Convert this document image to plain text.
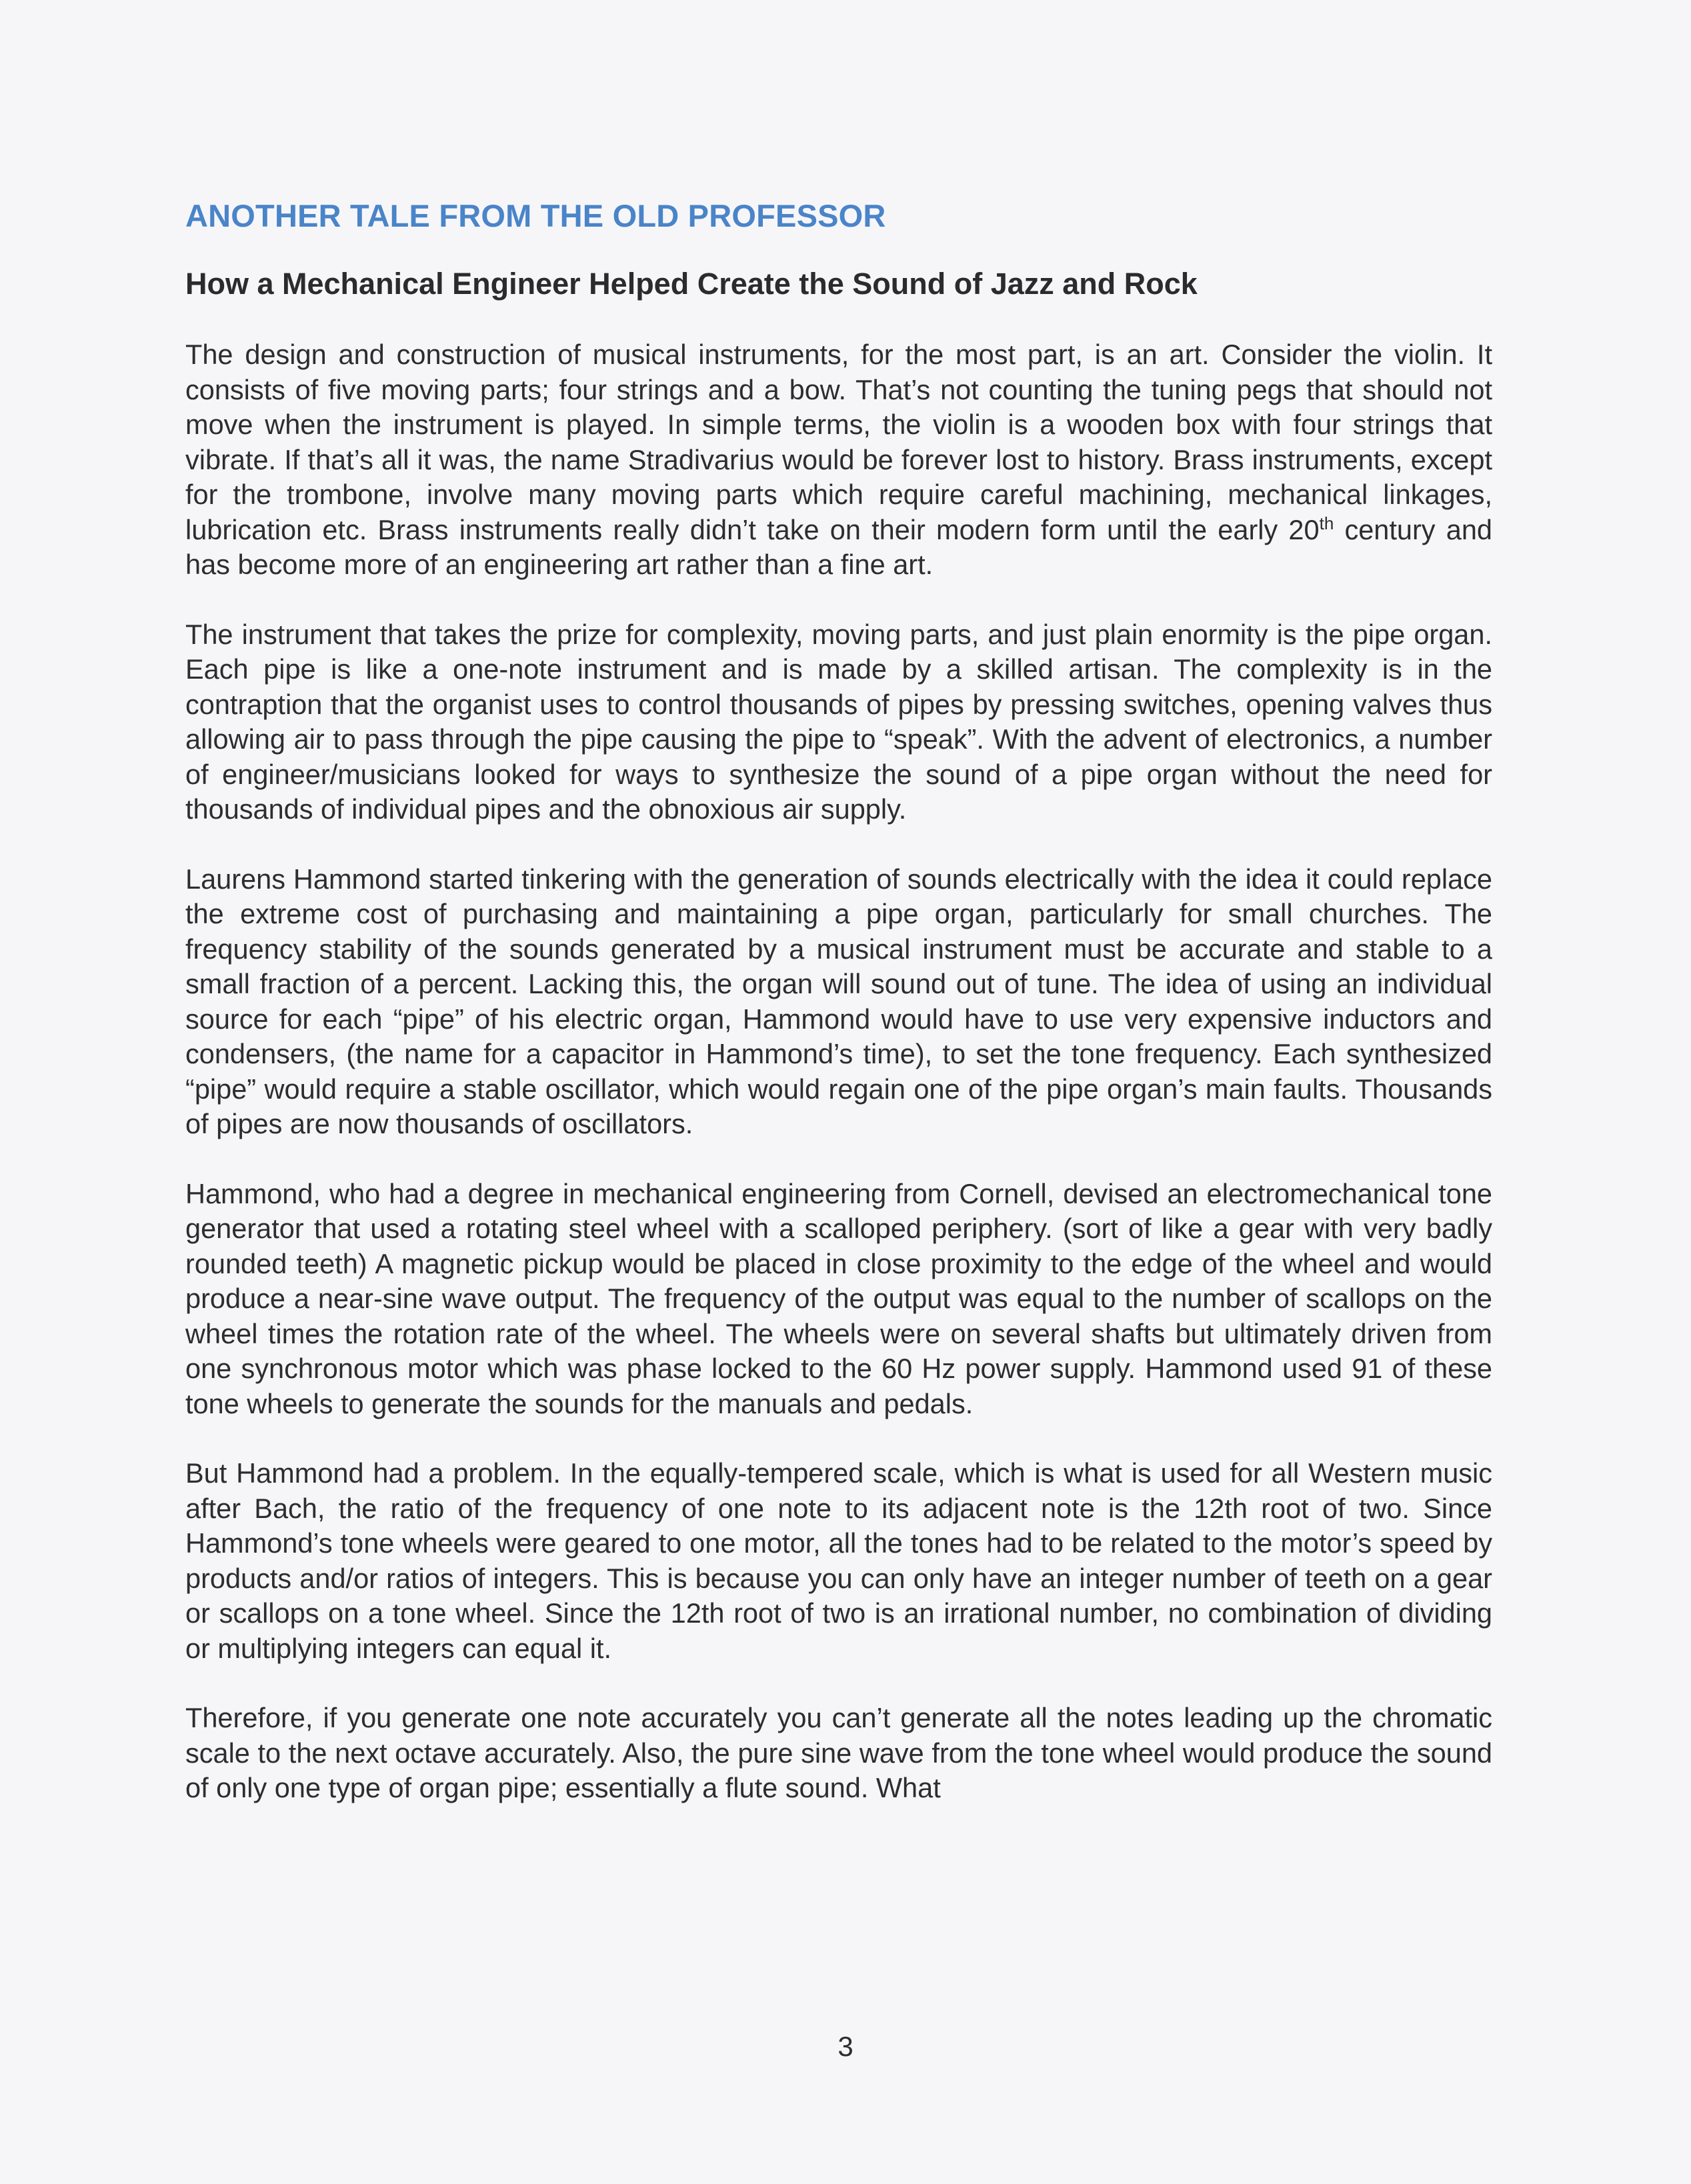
ANOTHER TALE FROM THE OLD PROFESSOR
How a Mechanical Engineer Helped Create the Sound of Jazz and Rock

The design and construction of musical instruments, for the most part, is an art. Consider the violin. It consists of five moving parts; four strings and a bow. That’s not counting the tuning pegs that should not move when the instrument is played. In simple terms, the violin is a wooden box with four strings that vibrate. If that’s all it was, the name Stradivarius would be forever lost to history. Brass instruments, except for the trombone, involve many moving parts which require careful machining, mechanical linkages, lubrication etc. Brass instruments really didn’t take on their modern form until the early 20th century and has become more of an engineering art rather than a fine art.

The instrument that takes the prize for complexity, moving parts, and just plain enormity is the pipe organ. Each pipe is like a one-note instrument and is made by a skilled artisan. The complexity is in the contraption that the organist uses to control thousands of pipes by pressing switches, opening valves thus allowing air to pass through the pipe causing the pipe to “speak”. With the advent of electronics, a number of engineer/musicians looked for ways to synthesize the sound of a pipe organ without the need for thousands of individual pipes and the obnoxious air supply.

Laurens Hammond started tinkering with the generation of sounds electrically with the idea it could replace the extreme cost of purchasing and maintaining a pipe organ, particularly for small churches. The frequency stability of the sounds generated by a musical instrument must be accurate and stable to a small fraction of a percent. Lacking this, the organ will sound out of tune. The idea of using an individual source for each “pipe” of his electric organ, Hammond would have to use very expensive inductors and condensers, (the name for a capacitor in Hammond’s time), to set the tone frequency. Each synthesized “pipe” would require a stable oscillator, which would regain one of the pipe organ’s main faults. Thousands of pipes are now thousands of oscillators.

Hammond, who had a degree in mechanical engineering from Cornell, devised an electromechanical tone generator that used a rotating steel wheel with a scalloped periphery. (sort of like a gear with very badly rounded teeth) A magnetic pickup would be placed in close proximity to the edge of the wheel and would produce a near-sine wave output. The frequency of the output was equal to the number of scallops on the wheel times the rotation rate of the wheel. The wheels were on several shafts but ultimately driven from one synchronous motor which was phase locked to the 60 Hz power supply. Hammond used 91 of these tone wheels to generate the sounds for the manuals and pedals.

But Hammond had a problem. In the equally-tempered scale, which is what is used for all Western music after Bach, the ratio of the frequency of one note to its adjacent note is the 12th root of two. Since Hammond’s tone wheels were geared to one motor, all the tones had to be related to the motor’s speed by products and/or ratios of integers. This is because you can only have an integer number of teeth on a gear or scallops on a tone wheel. Since the 12th root of two is an irrational number, no combination of dividing or multiplying integers can equal it.

Therefore, if you generate one note accurately you can’t generate all the notes leading up the chromatic scale to the next octave accurately. Also, the pure sine wave from the tone wheel would produce the sound of only one type of organ pipe; essentially a flute sound. What

3
